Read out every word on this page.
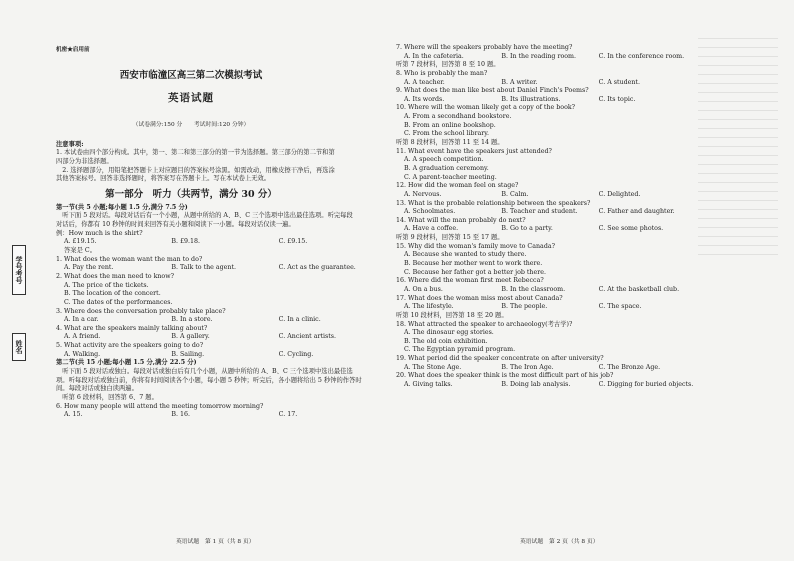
学号考号
姓名
机密★启用前
西安市临潼区高三第二次模拟考试
英语试题
（试卷满分:150 分　　考试时间:120 分钟）
注意事项:
1. 本试卷由四个部分构成。其中，第一、第二和第三部分的第一节为选择题。第三部分的第二节和第
四部分为非选择题。
　2. 选择题部分，用铅笔把答题卡上对应题目的答案标号涂黑。如需改动，用橡皮擦干净后，再选涂
其他答案标号。回答非选择题时，将答案写在答题卡上。写在本试卷上无效。
第一部分　听力（共两节，满分 30 分）
第一节(共 5 小题;每小题 1.5 分,满分 7.5 分)
　听下面 5 段对话。每段对话后有一个小题，从题中所给的 A、B、C 三个选项中选出最佳选项。听完每段
对话后，你都有 10 秒钟的时间来回答有关小题和阅读下一小题。每段对话仅读一遍。
例：How much is the shirt?
A. £19.15.	B. £9.18.	C. £9.15.
答案是 C。
1. What does the woman want the man to do?
A. Pay the rent.	B. Talk to the agent.	C. Act as the guarantee.
2. What does the man need to know?
A. The price of the tickets.
B. The location of the concert.
C. The dates of the performances.
3. Where does the conversation probably take place?
A. In a car.	B. In a store.	C. In a clinic.
4. What are the speakers mainly talking about?
A. A friend.	B. A gallery.	C. Ancient artists.
5. What activity are the speakers going to do?
A. Walking.	B. Sailing.	C. Cycling.
第二节(共 15 小题;每小题 1.5 分,满分 22.5 分)
　听下面 5 段对话或独白。每段对话或独白后有几个小题，从题中所给的 A、B、C 三个选项中选出最佳选
项。听每段对话或独白前，你将有时间阅读各个小题，每小题 5 秒钟；听完后，各小题将给出 5 秒钟的作答时
间。每段对话或独白读两遍。
　听第 6 段材料，回答第 6、7 题。
6. How many people will attend the meeting tomorrow morning?
A. 15.	B. 16.	C. 17.
7. Where will the speakers probably have the meeting?
A. In the cafeteria.	B. In the reading room.	C. In the conference room.
听第 7 段材料，回答第 8 至 10 题。
8. Who is probably the man?
A. A teacher.	B. A writer.	C. A student.
9. What does the man like best about Daniel Finch's Poems?
A. Its words.	B. Its illustrations.	C. Its topic.
10. Where will the woman likely get a copy of the book?
A. From a secondhand bookstore.
B. From an online bookshop.
C. From the school library.
听第 8 段材料，回答第 11 至 14 题。
11. What event have the speakers just attended?
A. A speech competition.
B. A graduation ceremony.
C. A parent-teacher meeting.
12. How did the woman feel on stage?
A. Nervous.	B. Calm.	C. Delighted.
13. What is the probable relationship between the speakers?
A. Schoolmates.	B. Teacher and student.	C. Father and daughter.
14. What will the man probably do next?
A. Have a coffee.	B. Go to a party.	C. See some photos.
听第 9 段材料，回答第 15 至 17 题。
15. Why did the woman's family move to Canada?
A. Because she wanted to study there.
B. Because her mother went to work there.
C. Because her father got a better job there.
16. Where did the woman first meet Rebecca?
A. On a bus.	B. In the classroom.	C. At the basketball club.
17. What does the woman miss most about Canada?
A. The lifestyle.	B. The people.	C. The space.
听第 10 段材料，回答第 18 至 20 题。
18. What attracted the speaker to archaeology(考古学)?
A. The dinosaur egg stories.
B. The old coin exhibition.
C. The Egyptian pyramid program.
19. What period did the speaker concentrate on after university?
A. The Stone Age.	B. The Iron Age.	C. The Bronze Age.
20. What does the speaker think is the most difficult part of his job?
A. Giving talks.	B. Doing lab analysis.	C. Digging for buried objects.
英语试题　第 1 页（共 8 页）	英语试题　第 2 页（共 8 页）
